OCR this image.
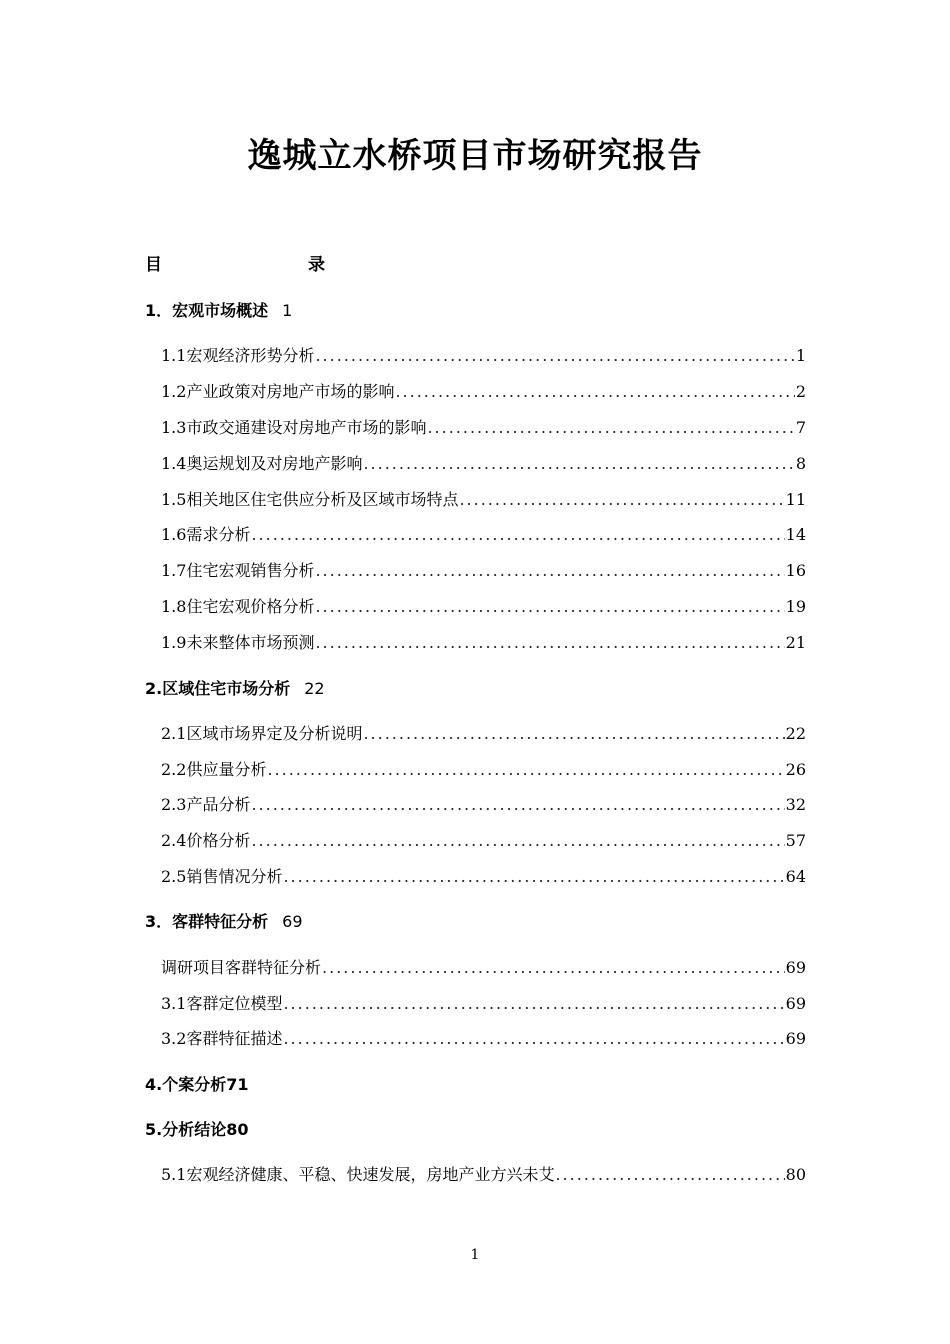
逸城立水桥项目市场研究报告
目	录
1．宏观市场概述 1
1.1宏观经济形势分析 .....	1
1.2产业政策对房地产市场的影响 .....	2
1.3市政交通建设对房地产市场的影响 .....	7
1.4奥运规划及对房地产影响 .....	8
1.5相关地区住宅供应分析及区域市场特点 .....	11
1.6需求分析 .....	14
1.7住宅宏观销售分析 .....	16
1.8住宅宏观价格分析 .....	19
1.9未来整体市场预测 .....	21
2.区域住宅市场分析 22
2.1区域市场界定及分析说明 .....	22
2.2供应量分析 .....	26
2.3产品分析 .....	32
2.4价格分析 .....	57
2.5销售情况分析 .....	64
3．客群特征分析 69
调研项目客群特征分析 .....	69
3.1客群定位模型 .....	69
3.2客群特征描述 .....	69
4.个案分析71
5.分析结论80
5.1宏观经济健康、平稳、快速发展，房地产业方兴未艾 .....	80
1
